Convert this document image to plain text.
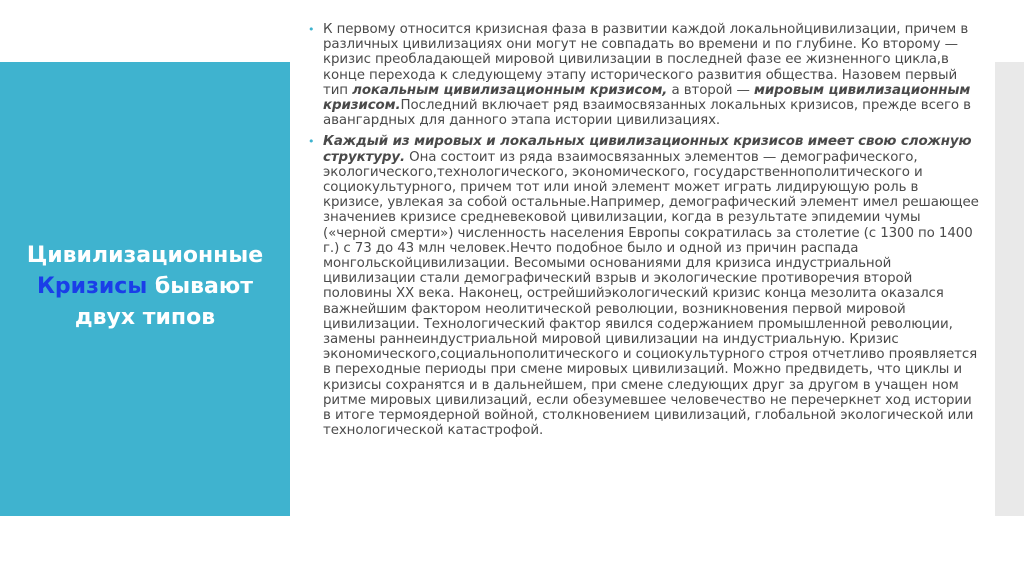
Цивилизационные Кризисы бывают двух типов
• К первому относится кризисная фаза в развитии каждой локальнойцивилизации, причем в различных цивилизациях они могут не совпадать во времени и по глубине. Ко второму — кризис преобладающей мировой цивилизации в последней фазе ее жизненного цикла,в конце перехода к следующему этапу исторического развития общества. Назовем первый тип локальным цивилизационным кризисом, а второй — мировым цивилизационным кризисом.Последний включает ряд взаимосвязанных локальных кризисов, прежде всего в авангардных для данного этапа истории цивилизациях.
• Каждый из мировых и локальных цивилизационных кризисов имеет свою сложную структуру. Она состоит из ряда взаимосвязанных элементов — демографического, экологического,технологического, экономического, государственнополитического и социокультурного, причем тот или иной элемент может играть лидирующую роль в кризисе, увлекая за собой остальные.Например, демографический элемент имел решающее значениев кризисе средневековой цивилизации, когда в результате эпидемии чумы («черной смерти») численность населения Европы сократилась за столетие (с 1300 по 1400 г.) с 73 до 43 млн человек.Нечто подобное было и одной из причин распада монгольскойцивилизации. Весомыми основаниями для кризиса индустриальной цивилизации стали демографический взрыв и экологические противоречия второй половины XX века. Наконец, острейшийэкологический кризис конца мезолита оказался важнейшим фактором неолитической революции, возникновения первой мировой цивилизации. Технологический фактор явился содержанием промышленной революции, замены раннеиндустриальной мировой цивилизации на индустриальную. Кризис экономического,социальнополитического и социокультурного строя отчетливо проявляется в переходные периоды при смене мировых цивилизаций. Можно предвидеть, что циклы и кризисы сохранятся и в дальнейшем, при смене следующих друг за другом в учащен ном ритме мировых цивилизаций, если обезумевшее человечество не перечеркнет ход истории в итоге термоядерной войной, столкновением цивилизаций, глобальной экологической или технологической катастрофой.
